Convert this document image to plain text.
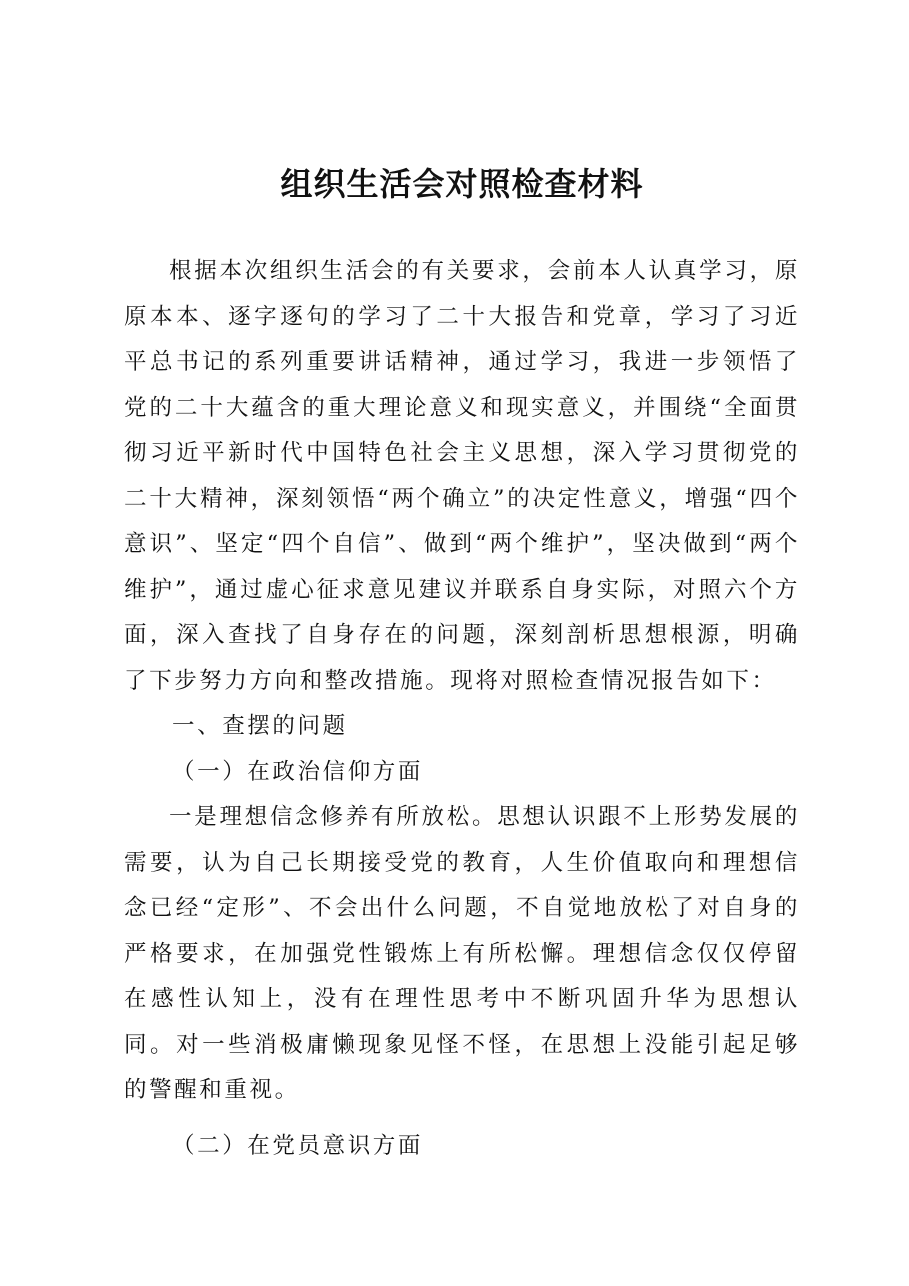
组织生活会对照检查材料

根据本次组织生活会的有关要求，会前本人认真学习，原原本本、逐字逐句的学习了二十大报告和党章，学习了习近平总书记的系列重要讲话精神，通过学习，我进一步领悟了党的二十大蕴含的重大理论意义和现实意义，并围绕“全面贯彻习近平新时代中国特色社会主义思想，深入学习贯彻党的二十大精神，深刻领悟“两个确立”的决定性意义，增强“四个意识”、坚定“四个自信”、做到“两个维护”，坚决做到“两个维护”，通过虚心征求意见建议并联系自身实际，对照六个方面，深入查找了自身存在的问题，深刻剖析思想根源，明确了下步努力方向和整改措施。现将对照检查情况报告如下：

一、查摆的问题

（一）在政治信仰方面

一是理想信念修养有所放松。思想认识跟不上形势发展的需要，认为自己长期接受党的教育，人生价值取向和理想信念已经“定形”、不会出什么问题，不自觉地放松了对自身的严格要求，在加强党性锻炼上有所松懈。理想信念仅仅停留在感性认知上，没有在理性思考中不断巩固升华为思想认同。对一些消极庸懒现象见怪不怪，在思想上没能引起足够的警醒和重视。

（二）在党员意识方面
